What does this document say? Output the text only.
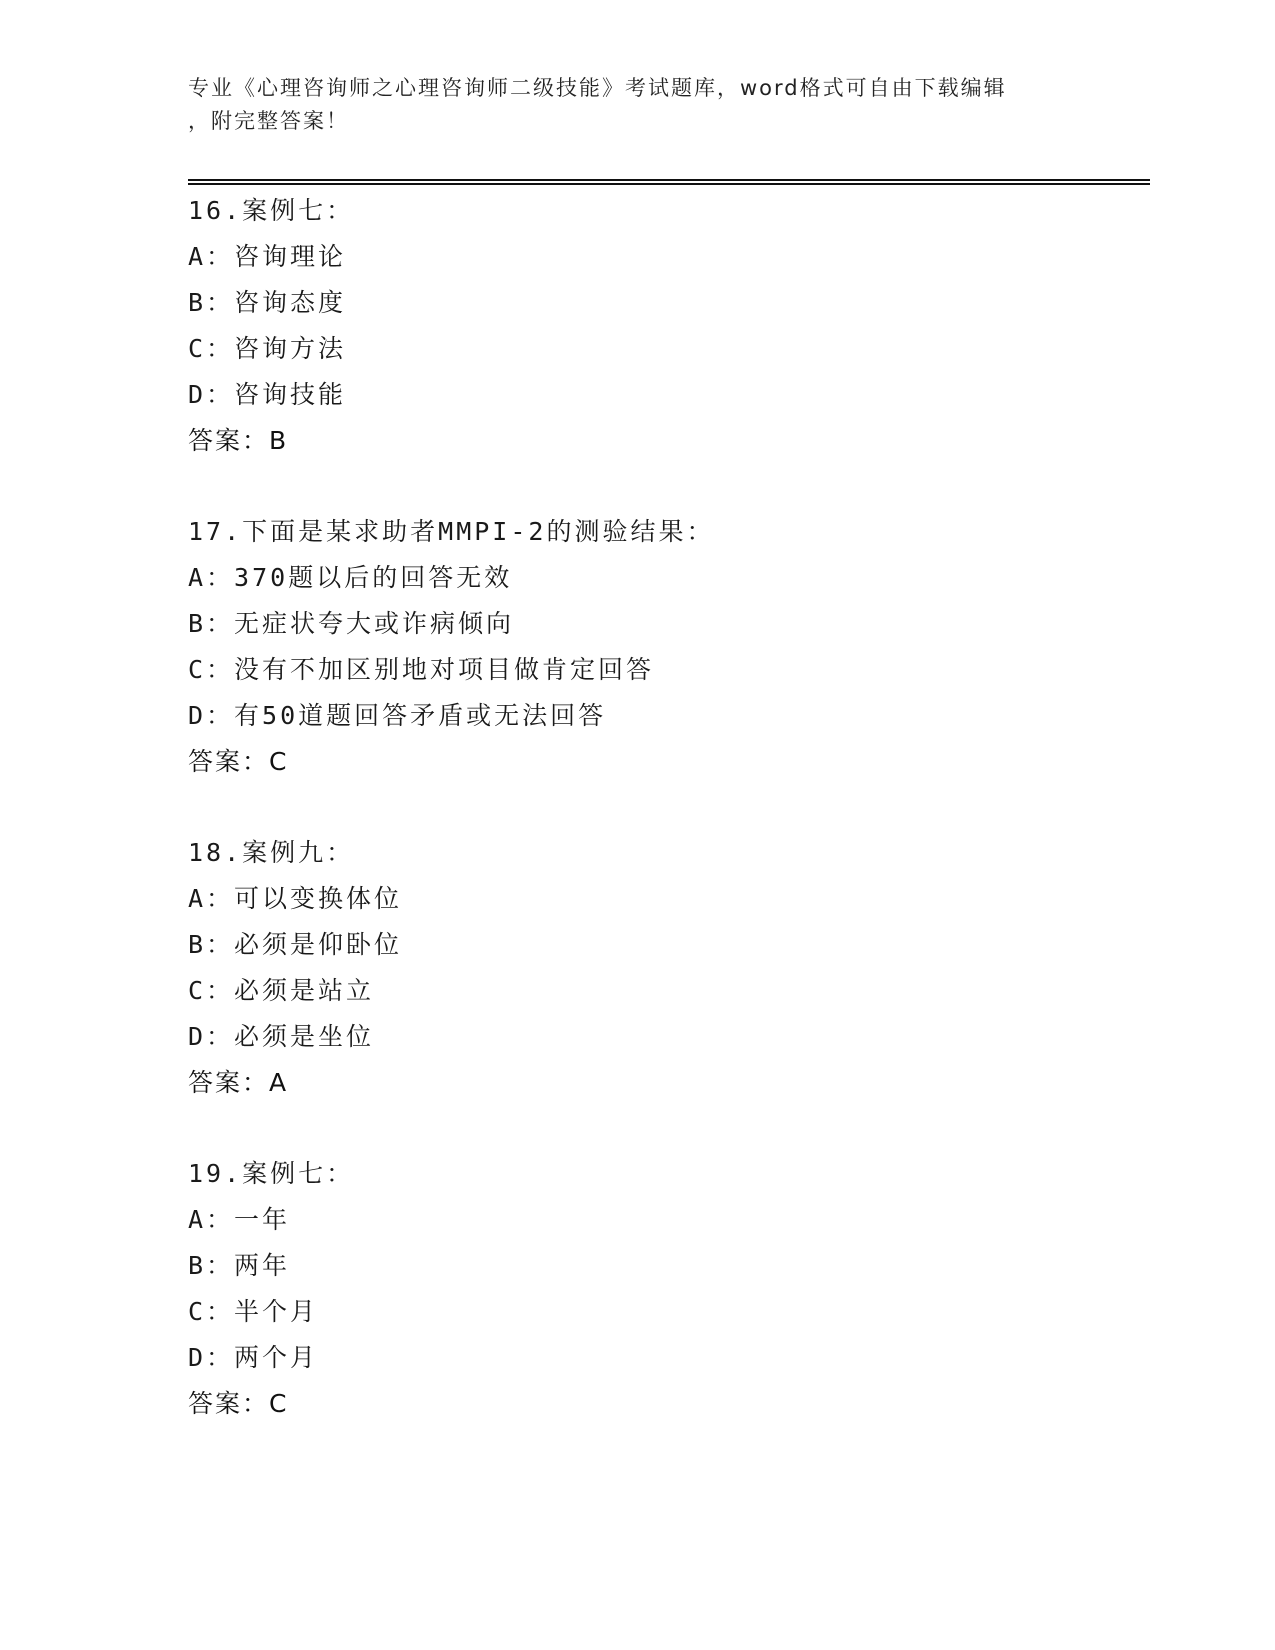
专业《心理咨询师之心理咨询师二级技能》考试题库，word格式可自由下载编辑
，附完整答案！
16.案例七：
A：咨询理论
B：咨询态度
C：咨询方法
D：咨询技能
答案：B
17.下面是某求助者MMPI-2的测验结果：
A：370题以后的回答无效
B：无症状夸大或诈病倾向
C：没有不加区别地对项目做肯定回答
D：有50道题回答矛盾或无法回答
答案：C
18.案例九：
A：可以变换体位
B：必须是仰卧位
C：必须是站立
D：必须是坐位
答案：A
19.案例七：
A：一年
B：两年
C：半个月
D：两个月
答案：C
